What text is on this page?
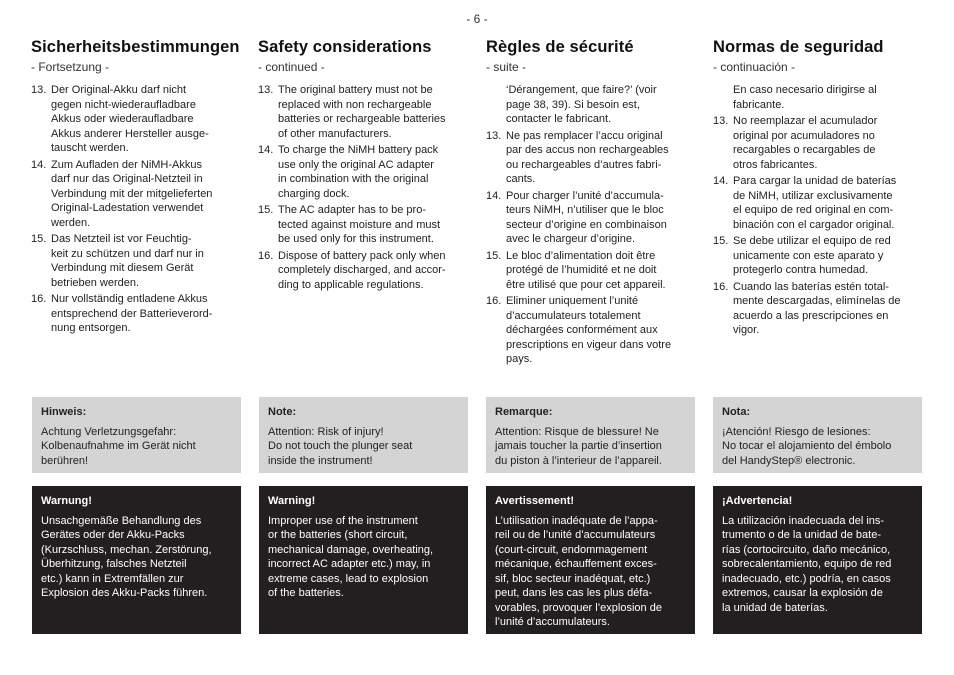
- 6 -
Sicherheitsbestimmungen
- Fortsetzung -
13. Der Original-Akku darf nicht
gegen nicht-wiederaufladbare
Akkus oder wiederaufladbare
Akkus anderer Hersteller ausge-
tauscht werden.
14. Zum Aufladen der NiMH-Akkus
darf nur das Original-Netzteil in
Verbindung mit der mitgelieferten
Original-Ladestation verwendet
werden.
15. Das Netzteil ist vor Feuchtig-
keit zu schützen und darf nur in
Verbindung mit diesem Gerät
betrieben werden.
16. Nur vollständig entladene Akkus
entsprechend der Batterieverord-
nung entsorgen.
Safety considerations
- continued -
13. The original battery must not be
replaced with non rechargeable
batteries or rechargeable batteries
of other manufacturers.
14. To charge the NiMH battery pack
use only the original AC adapter
in combination with the original
charging dock.
15. The AC adapter has to be pro-
tected against moisture and must
be used only for this instrument.
16. Dispose of battery pack only when
completely discharged, and accor-
ding to applicable regulations.
Règles de sécurité
- suite -
‘Dérangement, que faire?’ (voir
page 38, 39). Si besoin est,
contacter le fabricant.
13. Ne pas remplacer l’accu original
par des accus non rechargeables
ou rechargeables d’autres fabri-
cants.
14. Pour charger l’unité d’accumula-
teurs NiMH, n’utiliser que le bloc
secteur d’origine en combinaison
avec le chargeur d’origine.
15. Le bloc d’alimentation doit être
protégé de l’humidité et ne doit
être utilisé que pour cet appareil.
16. Eliminer uniquement l’unité
d’accumulateurs totalement
déchargées conformément aux
prescriptions en vigeur dans votre
pays.
Normas de seguridad
- continuación -
En caso necesario dirigirse al
fabricante.
13. No reemplazar el acumulador
original por acumuladores no
recargables o recargables de
otros fabricantes.
14. Para cargar la unidad de baterías
de NiMH, utilizar exclusivamente
el equipo de red original en com-
binación con el cargador original.
15. Se debe utilizar el equipo de red
unicamente con este aparato y
protegerlo contra humedad.
16. Cuando las baterías estén total-
mente descargadas, elimínelas de
acuerdo a las prescripciones en
vigor.
Hinweis:
Achtung Verletzungsgefahr:
Kolbenaufnahme im Gerät nicht
berühren!
Note:
Attention: Risk of injury!
Do not touch the plunger seat
inside the instrument!
Remarque:
Attention: Risque de blessure! Ne
jamais toucher la partie d’insertion
du piston à l’interieur de l’appareil.
Nota:
¡Atención! Riesgo de lesiones:
No tocar el alojamiento del émbolo
del HandyStep® electronic.
Warnung!
Unsachgemäße Behandlung des
Gerätes oder der Akku-Packs
(Kurzschluss, mechan. Zerstörung,
Überhitzung, falsches Netzteil
etc.) kann in Extremfällen zur
Explosion des Akku-Packs führen.
Warning!
Improper use of the instrument
or the batteries (short circuit,
mechanical damage, overheating,
incorrect AC adapter etc.) may, in
extreme cases, lead to explosion
of the batteries.
Avertissement!
L’utilisation inadéquate de l’appa-
reil ou de l’unité d’accumulateurs
(court-circuit, endommagement
mécanique, échauffement exces-
sif, bloc secteur inadéquat, etc.)
peut, dans les cas les plus défa-
vorables, provoquer l’explosion de
l’unité d’accumulateurs.
¡Advertencia!
La utilización inadecuada del ins-
trumento o de la unidad de bate-
rías (cortocircuito, daño mecánico,
sobrecalentamiento, equipo de red
inadecuado, etc.) podría, en casos
extremos, causar la explosión de
la unidad de baterías.
